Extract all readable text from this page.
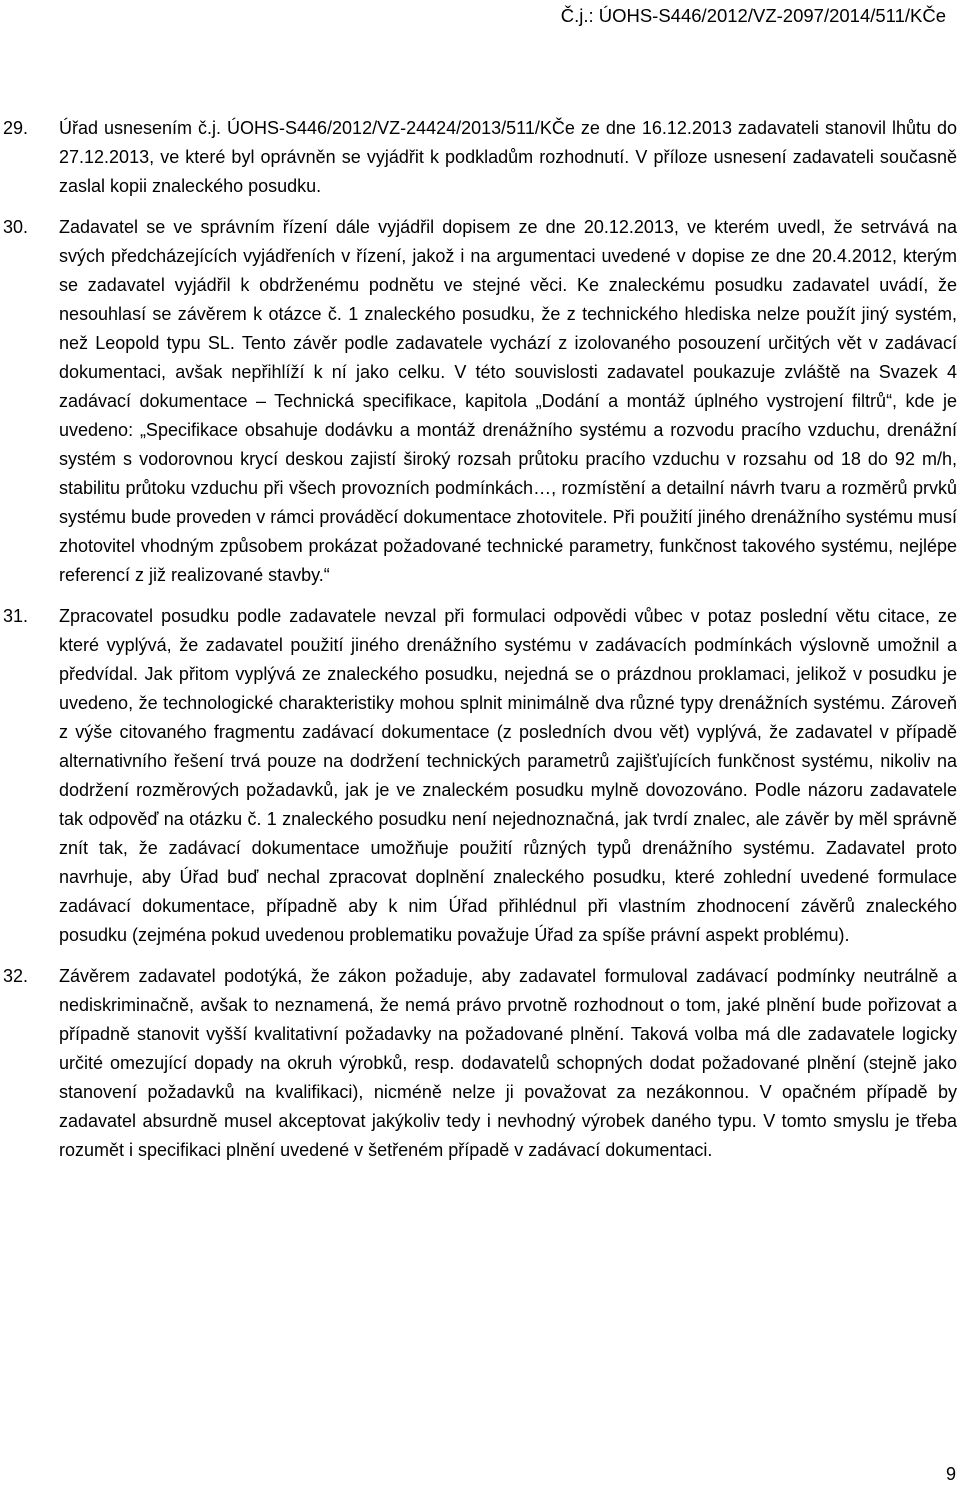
Č.j.: ÚOHS-S446/2012/VZ-2097/2014/511/KČe
29. Úřad usnesením č.j. ÚOHS-S446/2012/VZ-24424/2013/511/KČe ze dne 16.12.2013 zadavateli stanovil lhůtu do 27.12.2013, ve které byl oprávněn se vyjádřit k podkladům rozhodnutí. V příloze usnesení zadavateli současně zaslal kopii znaleckého posudku.
30. Zadavatel se ve správním řízení dále vyjádřil dopisem ze dne 20.12.2013, ve kterém uvedl, že setrvává na svých předcházejících vyjádřeních v řízení, jakož i na argumentaci uvedené v dopise ze dne 20.4.2012, kterým se zadavatel vyjádřil k obdrženému podnětu ve stejné věci. Ke znaleckému posudku zadavatel uvádí, že nesouhlasí se závěrem k otázce č. 1 znaleckého posudku, že z technického hlediska nelze použít jiný systém, než Leopold typu SL. Tento závěr podle zadavatele vychází z izolovaného posouzení určitých vět v zadávací dokumentaci, avšak nepřihlíží k ní jako celku. V této souvislosti zadavatel poukazuje zvláště na Svazek 4 zadávací dokumentace – Technická specifikace, kapitola „Dodání a montáž úplného vystrojení filtrů“, kde je uvedeno: „Specifikace obsahuje dodávku a montáž drenážního systému a rozvodu pracího vzduchu, drenážní systém s vodorovnou krycí deskou zajistí široký rozsah průtoku pracího vzduchu v rozsahu od 18 do 92 m/h, stabilitu průtoku vzduchu při všech provozních podmínkách…, rozmístění a detailní návrh tvaru a rozměrů prvků systému bude proveden v rámci prováděcí dokumentace zhotovitele. Při použití jiného drenážního systému musí zhotovitel vhodným způsobem prokázat požadované technické parametry, funkčnost takového systému, nejlépe referencí z již realizované stavby.“
31. Zpracovatel posudku podle zadavatele nevzal při formulaci odpovědi vůbec v potaz poslední větu citace, ze které vyplývá, že zadavatel použití jiného drenážního systému v zadávacích podmínkách výslovně umožnil a předvídal. Jak přitom vyplývá ze znaleckého posudku, nejedná se o prázdnou proklamaci, jelikož v posudku je uvedeno, že technologické charakteristiky mohou splnit minimálně dva různé typy drenážních systému. Zároveň z výše citovaného fragmentu zadávací dokumentace (z posledních dvou vět) vyplývá, že zadavatel v případě alternativního řešení trvá pouze na dodržení technických parametrů zajišťujících funkčnost systému, nikoliv na dodržení rozměrových požadavků, jak je ve znaleckém posudku mylně dovozováno. Podle názoru zadavatele tak odpověď na otázku č. 1 znaleckého posudku není nejednoznačná, jak tvrdí znalec, ale závěr by měl správně znít tak, že zadávací dokumentace umožňuje použití různých typů drenážního systému. Zadavatel proto navrhuje, aby Úřad buď nechal zpracovat doplnění znaleckého posudku, které zohlední uvedené formulace zadávací dokumentace, případně aby k nim Úřad přihlédnul při vlastním zhodnocení závěrů znaleckého posudku (zejména pokud uvedenou problematiku považuje Úřad za spíše právní aspekt problému).
32. Závěrem zadavatel podotýká, že zákon požaduje, aby zadavatel formuloval zadávací podmínky neutrálně a nediskriminačně, avšak to neznamená, že nemá právo prvotně rozhodnout o tom, jaké plnění bude pořizovat a případně stanovit vyšší kvalitativní požadavky na požadované plnění. Taková volba má dle zadavatele logicky určité omezující dopady na okruh výrobků, resp. dodavatelů schopných dodat požadované plnění (stejně jako stanovení požadavků na kvalifikaci), nicméně nelze ji považovat za nezákonnou. V opačném případě by zadavatel absurdně musel akceptovat jakýkoliv tedy i nevhodný výrobek daného typu. V tomto smyslu je třeba rozumět i specifikaci plnění uvedené v šetřeném případě v zadávací dokumentaci.
9
